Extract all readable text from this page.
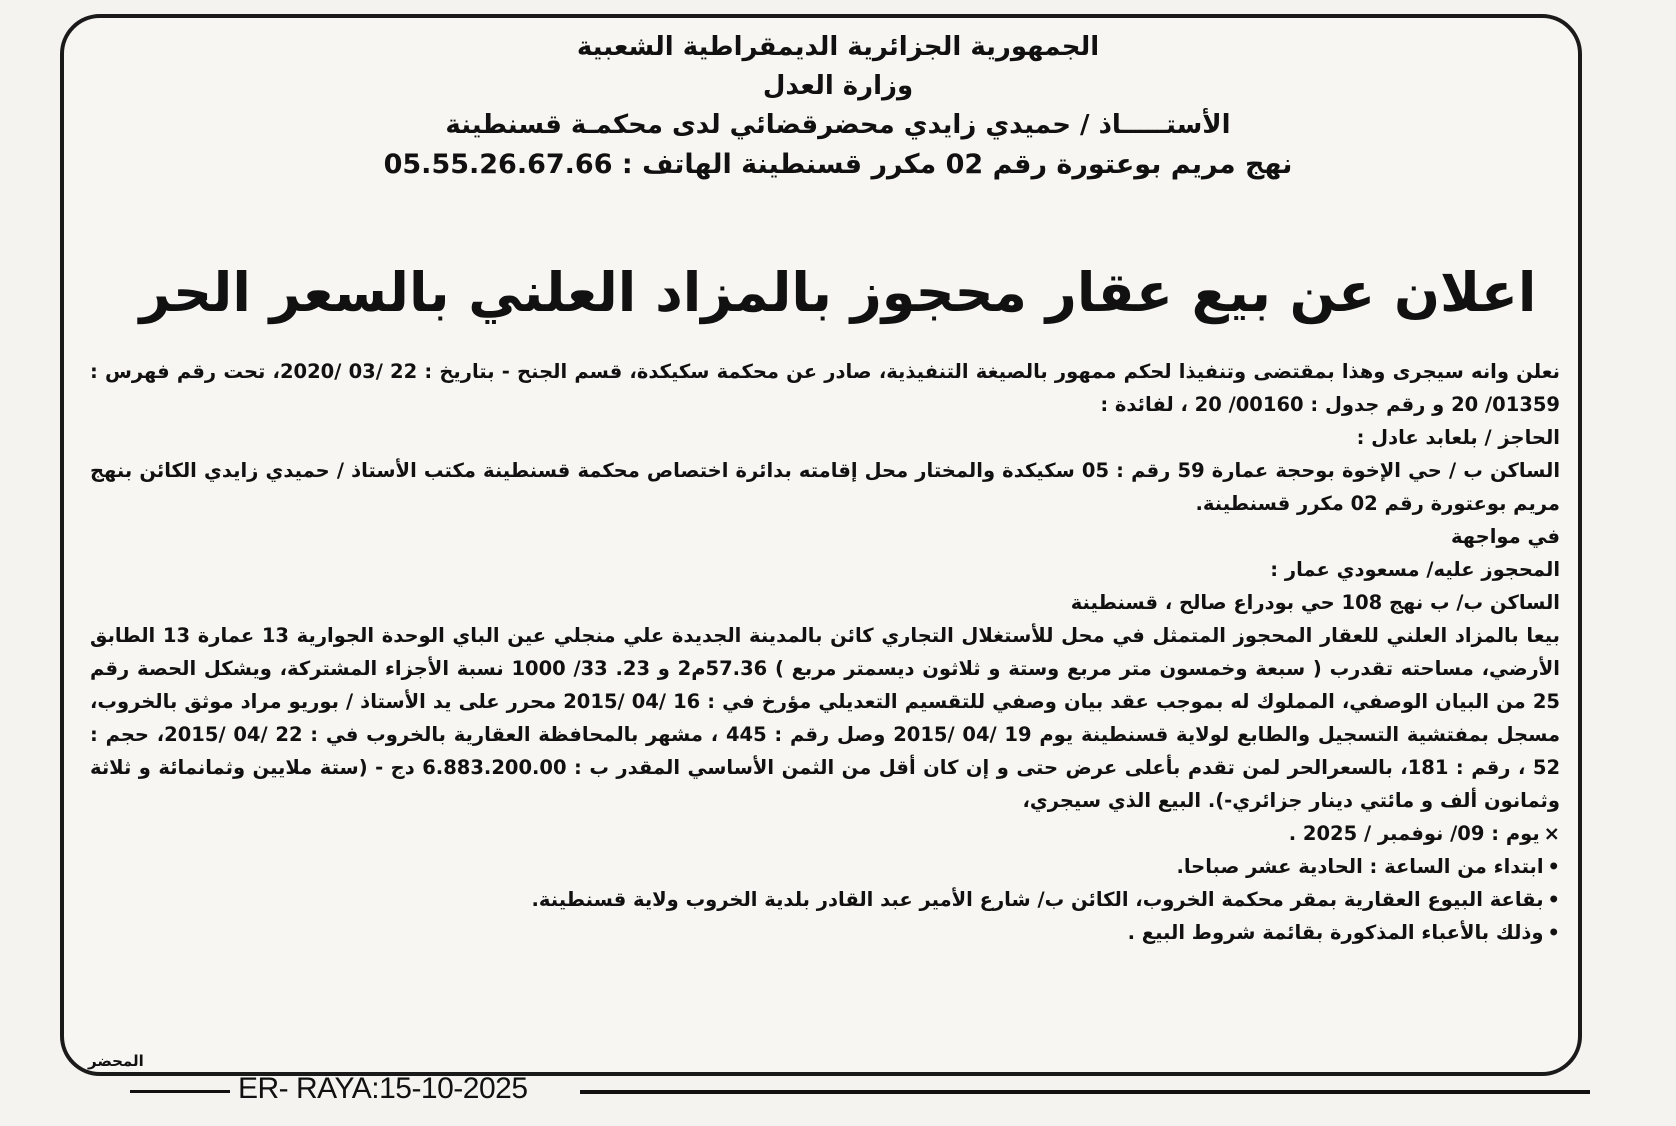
الجمهورية الجزائرية الديمقراطية الشعبية
وزارة العدل
الأستـــــاذ / حميدي زايدي محضرقضائي لدى محكمـة قسنطينة
نهج مريم بوعتورة رقم 02 مكرر قسنطينة الهاتف : 05.55.26.67.66
اعلان عن بيع عقار محجوز بالمزاد العلني بالسعر الحر

نعلن وانه سيجرى وهذا بمقتضى وتنفيذا لحكم ممهور بالصيغة التنفيذية، صادر عن محكمة سكيكدة، قسم الجنح - بتاريخ : 22 /03 /2020، تحت رقم فهرس : 01359/ 20 و رقم جدول : 00160/ 20 ، لفائدة :

الحاجز / بلعابد عادل :

الساكن ب / حي الإخوة بوحجة عمارة 59 رقم : 05 سكيكدة والمختار محل إقامته بدائرة اختصاص محكمة قسنطينة مكتب الأستاذ / حميدي زايدي الكائن بنهج مريم بوعتورة رقم 02 مكرر قسنطينة.

في مواجهة

المحجوز عليه/ مسعودي عمار :

الساكن ب/ ب نهج 108 حي بودراع صالح ، قسنطينة

بيعا بالمزاد العلني للعقار المحجوز المتمثل في محل للأستغلال التجاري كائن بالمدينة الجديدة علي منجلي عين الباي الوحدة الجوارية 13 عمارة 13 الطابق الأرضي، مساحته تقدرب ( سبعة وخمسون متر مربع وستة و ثلاثون ديسمتر مربع ) 57.36م2 و 23. 33/ 1000 نسبة الأجزاء المشتركة، ويشكل الحصة رقم 25 من البيان الوصفي، المملوك له بموجب عقد بيان وصفي للتقسيم التعديلي مؤرخ في : 16 /04 /2015 محرر على يد الأستاذ / بوريو مراد موثق بالخروب، مسجل بمفتشية التسجيل والطابع لولاية قسنطينة يوم 19 /04 /2015 وصل رقم : 445 ، مشهر بالمحافظة العقارية بالخروب في : 22 /04 /2015، حجم : 52 ، رقم : 181، بالسعرالحر لمن تقدم بأعلى عرض حتى و إن كان أقل من الثمن الأساسي المقدر ب : 6.883.200.00 دج - (ستة ملايين وثمانمائة و ثلاثة وثمانون ألف و مائتي دينار جزائري-). البيع الذي سيجري،

×يوم : 09/ نوفمبر / 2025 .

•ابتداء من الساعة : الحادية عشر صباحا.

•بقاعة البيوع العقارية بمقر محكمة الخروب، الكائن ب/ شارع الأمير عبد القادر بلدية الخروب ولاية قسنطينة.

•وذلك بالأعباء المذكورة بقائمة شروط البيع .

المحضر
ER- RAYA:15-10-2025
